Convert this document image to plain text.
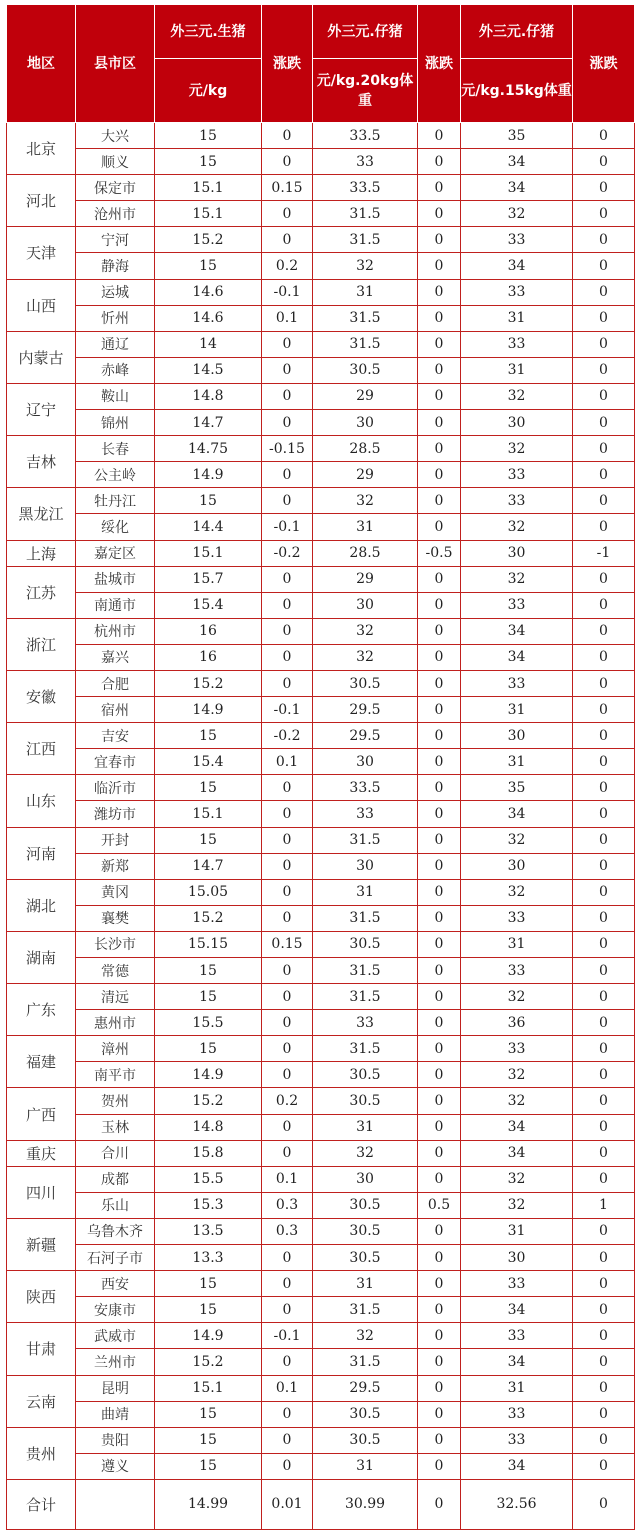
地区	县市区	外三元.生猪	涨跌	外三元.仔猪	涨跌	外三元.仔猪	涨跌
		元/kg		元/kg.20kg体重		元/kg.15kg体重	
北京	大兴	15	0	33.5	0	35	0
	顺义	15	0	33	0	34	0
河北	保定市	15.1	0.15	33.5	0	34	0
	沧州市	15.1	0	31.5	0	32	0
天津	宁河	15.2	0	31.5	0	33	0
	静海	15	0.2	32	0	34	0
山西	运城	14.6	-0.1	31	0	33	0
	忻州	14.6	0.1	31.5	0	31	0
内蒙古	通辽	14	0	31.5	0	33	0
	赤峰	14.5	0	30.5	0	31	0
辽宁	鞍山	14.8	0	29	0	32	0
	锦州	14.7	0	30	0	30	0
吉林	长春	14.75	-0.15	28.5	0	32	0
	公主岭	14.9	0	29	0	33	0
黑龙江	牡丹江	15	0	32	0	33	0
	绥化	14.4	-0.1	31	0	32	0
上海	嘉定区	15.1	-0.2	28.5	-0.5	30	-1
江苏	盐城市	15.7	0	29	0	32	0
	南通市	15.4	0	30	0	33	0
浙江	杭州市	16	0	32	0	34	0
	嘉兴	16	0	32	0	34	0
安徽	合肥	15.2	0	30.5	0	33	0
	宿州	14.9	-0.1	29.5	0	31	0
江西	吉安	15	-0.2	29.5	0	30	0
	宜春市	15.4	0.1	30	0	31	0
山东	临沂市	15	0	33.5	0	35	0
	潍坊市	15.1	0	33	0	34	0
河南	开封	15	0	31.5	0	32	0
	新郑	14.7	0	30	0	30	0
湖北	黄冈	15.05	0	31	0	32	0
	襄樊	15.2	0	31.5	0	33	0
湖南	长沙市	15.15	0.15	30.5	0	31	0
	常德	15	0	31.5	0	33	0
广东	清远	15	0	31.5	0	32	0
	惠州市	15.5	0	33	0	36	0
福建	漳州	15	0	31.5	0	33	0
	南平市	14.9	0	30.5	0	32	0
广西	贺州	15.2	0.2	30.5	0	32	0
	玉林	14.8	0	31	0	34	0
重庆	合川	15.8	0	32	0	34	0
四川	成都	15.5	0.1	30	0	32	0
	乐山	15.3	0.3	30.5	0.5	32	1
新疆	乌鲁木齐	13.5	0.3	30.5	0	31	0
	石河子市	13.3	0	30.5	0	30	0
陕西	西安	15	0	31	0	33	0
	安康市	15	0	31.5	0	34	0
甘肃	武威市	14.9	-0.1	32	0	33	0
	兰州市	15.2	0	31.5	0	34	0
云南	昆明	15.1	0.1	29.5	0	31	0
	曲靖	15	0	30.5	0	33	0
贵州	贵阳	15	0	30.5	0	33	0
	遵义	15	0	31	0	34	0
合计		14.99	0.01	30.99	0	32.56	0
